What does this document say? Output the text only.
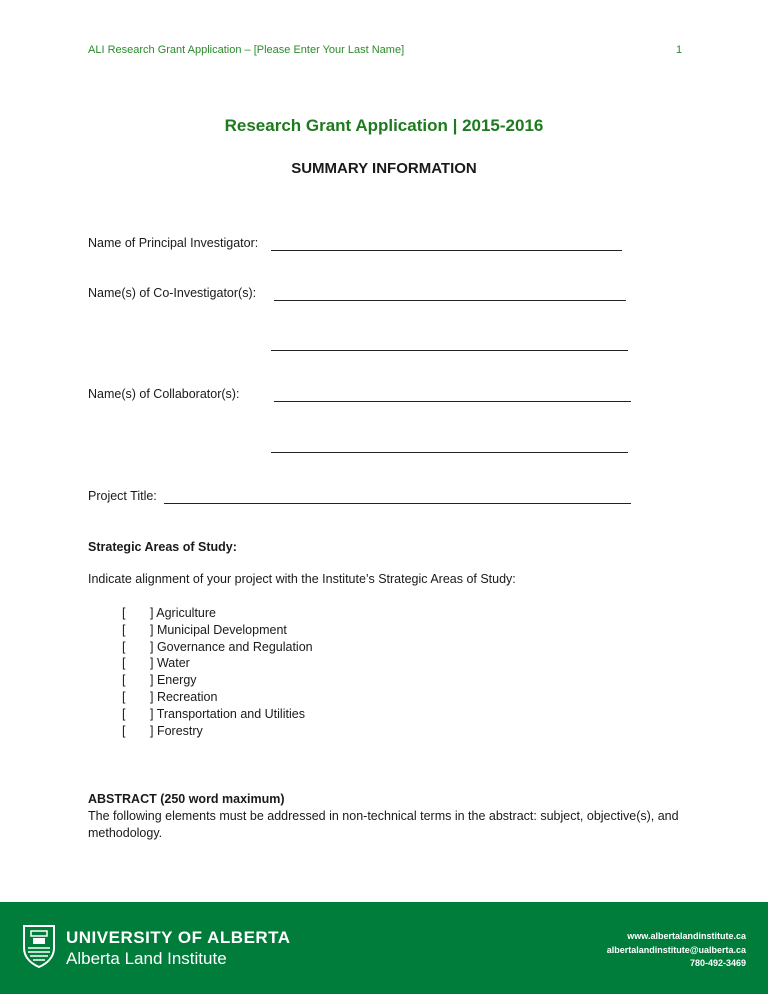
ALI Research Grant Application – [Please Enter Your Last Name]	1
Research Grant Application | 2015-2016
SUMMARY INFORMATION
Name of Principal Investigator:
Name(s) of Co-Investigator(s):
Name(s) of Collaborator(s):
Project Title:
Strategic Areas of Study:
Indicate alignment of your project with the Institute’s Strategic Areas of Study:
[	] Agriculture
[	] Municipal Development
[	] Governance and Regulation
[	] Water
[	] Energy
[	] Recreation
[	] Transportation and Utilities
[	] Forestry
ABSTRACT (250 word maximum)
The following elements must be addressed in non-technical terms in the abstract: subject, objective(s), and methodology.
UNIVERSITY OF ALBERTA
Alberta Land Institute
www.albertalandinstitute.ca
albertalandinstitute@ualberta.ca
780-492-3469
